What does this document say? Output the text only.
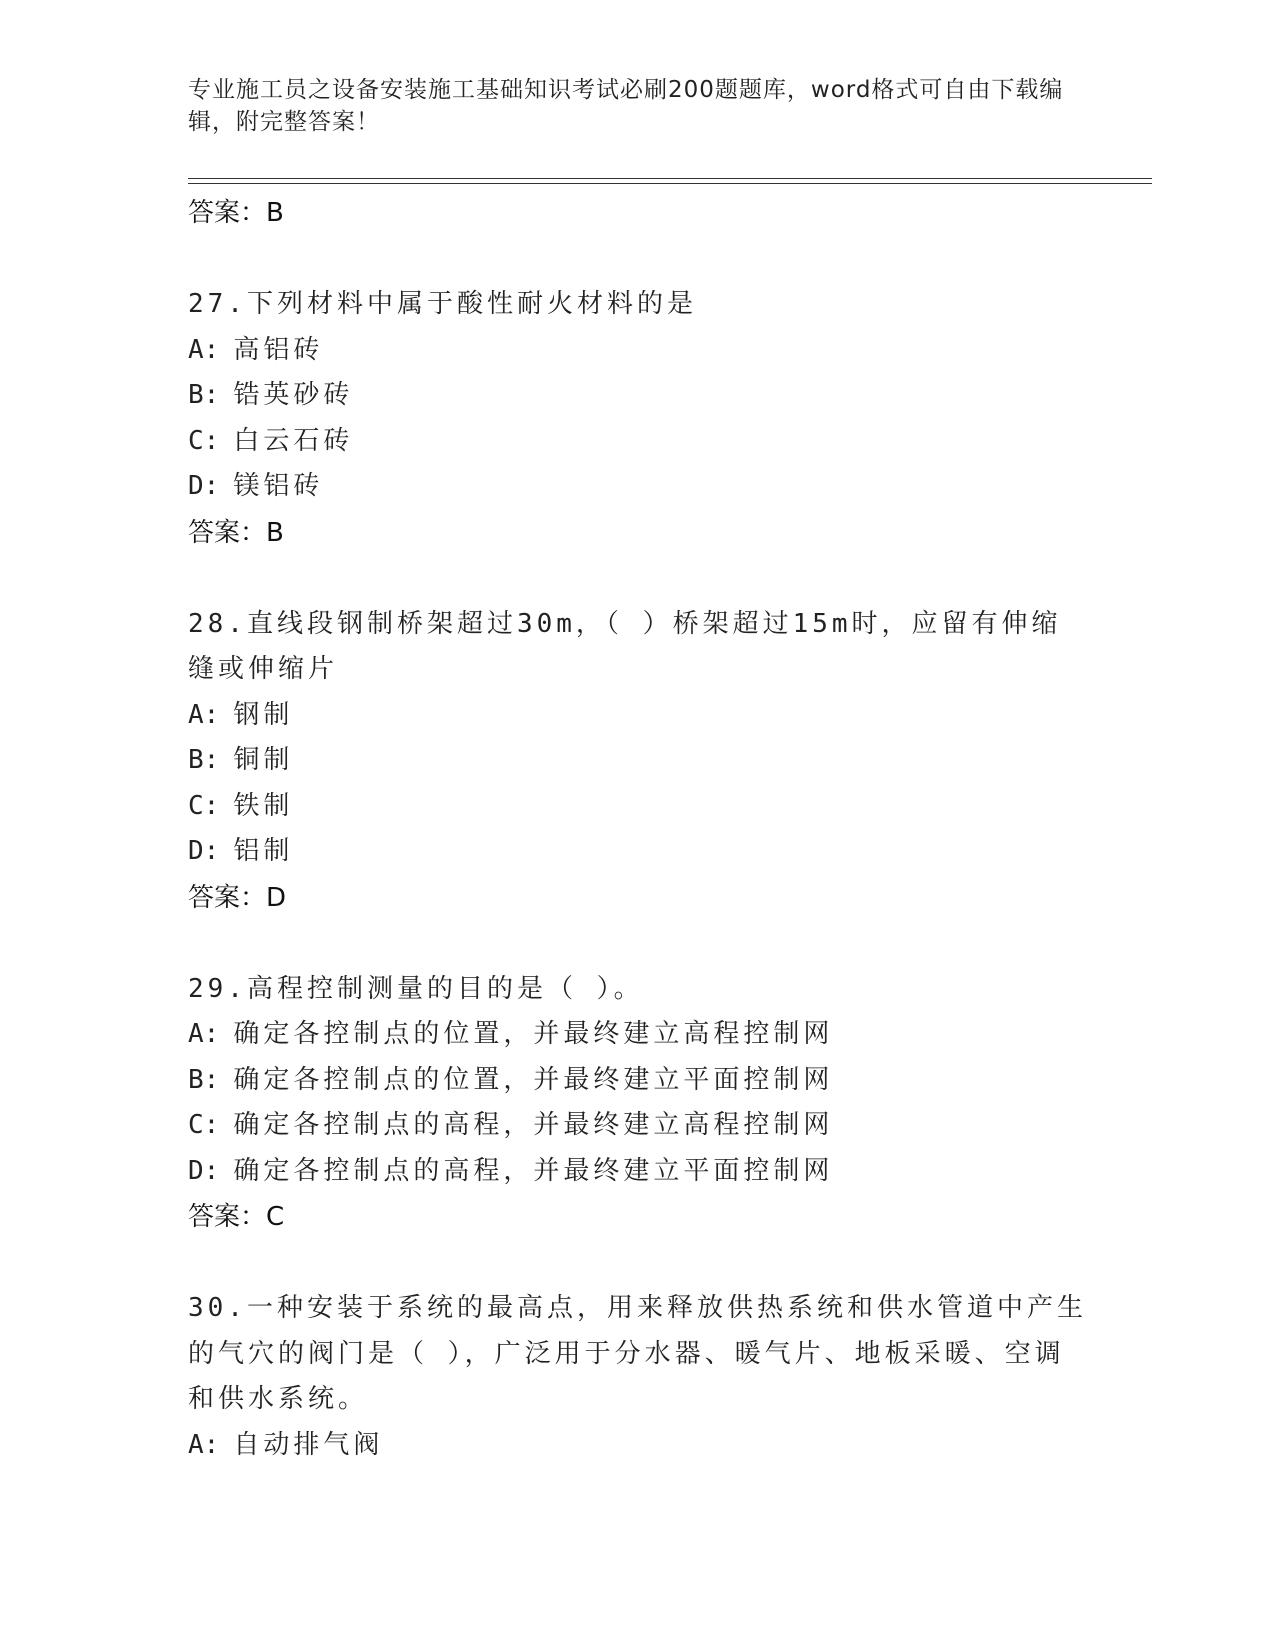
专业施工员之设备安装施工基础知识考试必刷200题题库，word格式可自由下载编辑，附完整答案！
答案：B
27.下列材料中属于酸性耐火材料的是
A: 高铝砖
B: 锆英砂砖
C: 白云石砖
D: 镁铝砖
答案：B
28.直线段钢制桥架超过30m，（ ）桥架超过15m时，应留有伸缩缝或伸缩片
A: 钢制
B: 铜制
C: 铁制
D: 铝制
答案：D
29.高程控制测量的目的是（ ）。
A: 确定各控制点的位置，并最终建立高程控制网
B: 确定各控制点的位置，并最终建立平面控制网
C: 确定各控制点的高程，并最终建立高程控制网
D: 确定各控制点的高程，并最终建立平面控制网
答案：C
30.一种安装于系统的最高点，用来释放供热系统和供水管道中产生的气穴的阀门是（ ），广泛用于分水器、暖气片、地板采暖、空调和供水系统。
A: 自动排气阀
